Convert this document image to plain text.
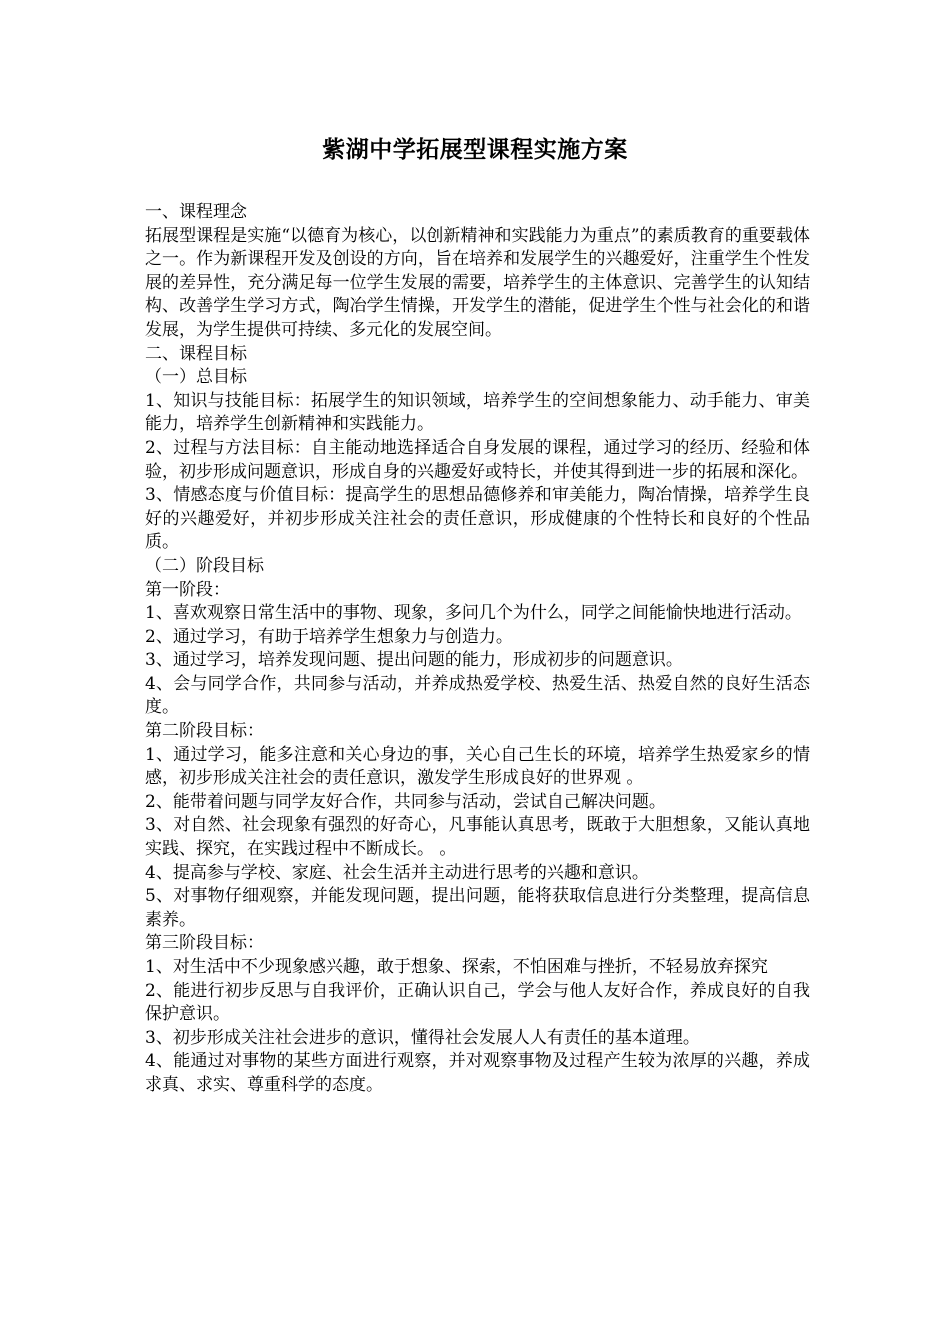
紫湖中学拓展型课程实施方案

一、课程理念

拓展型课程是实施“以德育为核心，以创新精神和实践能力为重点”的素质教育的重要载体之一。作为新课程开发及创设的方向，旨在培养和发展学生的兴趣爱好，注重学生个性发展的差异性，充分满足每一位学生发展的需要，培养学生的主体意识、完善学生的认知结构、改善学生学习方式，陶冶学生情操，开发学生的潜能，促进学生个性与社会化的和谐发展，为学生提供可持续、多元化的发展空间。

二、课程目标

（一）总目标

1、知识与技能目标：拓展学生的知识领域，培养学生的空间想象能力、动手能力、审美能力，培养学生创新精神和实践能力。

2、过程与方法目标：自主能动地选择适合自身发展的课程，通过学习的经历、经验和体验，初步形成问题意识，形成自身的兴趣爱好或特长，并使其得到进一步的拓展和深化。

3、情感态度与价值目标：提高学生的思想品德修养和审美能力，陶冶情操，培养学生良好的兴趣爱好，并初步形成关注社会的责任意识，形成健康的个性特长和良好的个性品质。

（二）阶段目标

第一阶段：

1、喜欢观察日常生活中的事物、现象，多问几个为什么，同学之间能愉快地进行活动。

2、通过学习，有助于培养学生想象力与创造力。

3、通过学习，培养发现问题、提出问题的能力，形成初步的问题意识。

4、会与同学合作，共同参与活动，并养成热爱学校、热爱生活、热爱自然的良好生活态度。

第二阶段目标：

1、通过学习，能多注意和关心身边的事，关心自己生长的环境，培养学生热爱家乡的情感，初步形成关注社会的责任意识，激发学生形成良好的世界观 。

2、能带着问题与同学友好合作，共同参与活动，尝试自己解决问题。

3、对自然、社会现象有强烈的好奇心，凡事能认真思考，既敢于大胆想象，又能认真地实践、探究，在实践过程中不断成长。 。

4、提高参与学校、家庭、社会生活并主动进行思考的兴趣和意识。

5、对事物仔细观察，并能发现问题，提出问题，能将获取信息进行分类整理，提高信息素养。

第三阶段目标：

1、对生活中不少现象感兴趣，敢于想象、探索，不怕困难与挫折，不轻易放弃探究

2、能进行初步反思与自我评价，正确认识自己，学会与他人友好合作，养成良好的自我保护意识。

3、初步形成关注社会进步的意识，懂得社会发展人人有责任的基本道理。

4、能通过对事物的某些方面进行观察，并对观察事物及过程产生较为浓厚的兴趣，养成求真、求实、尊重科学的态度。
